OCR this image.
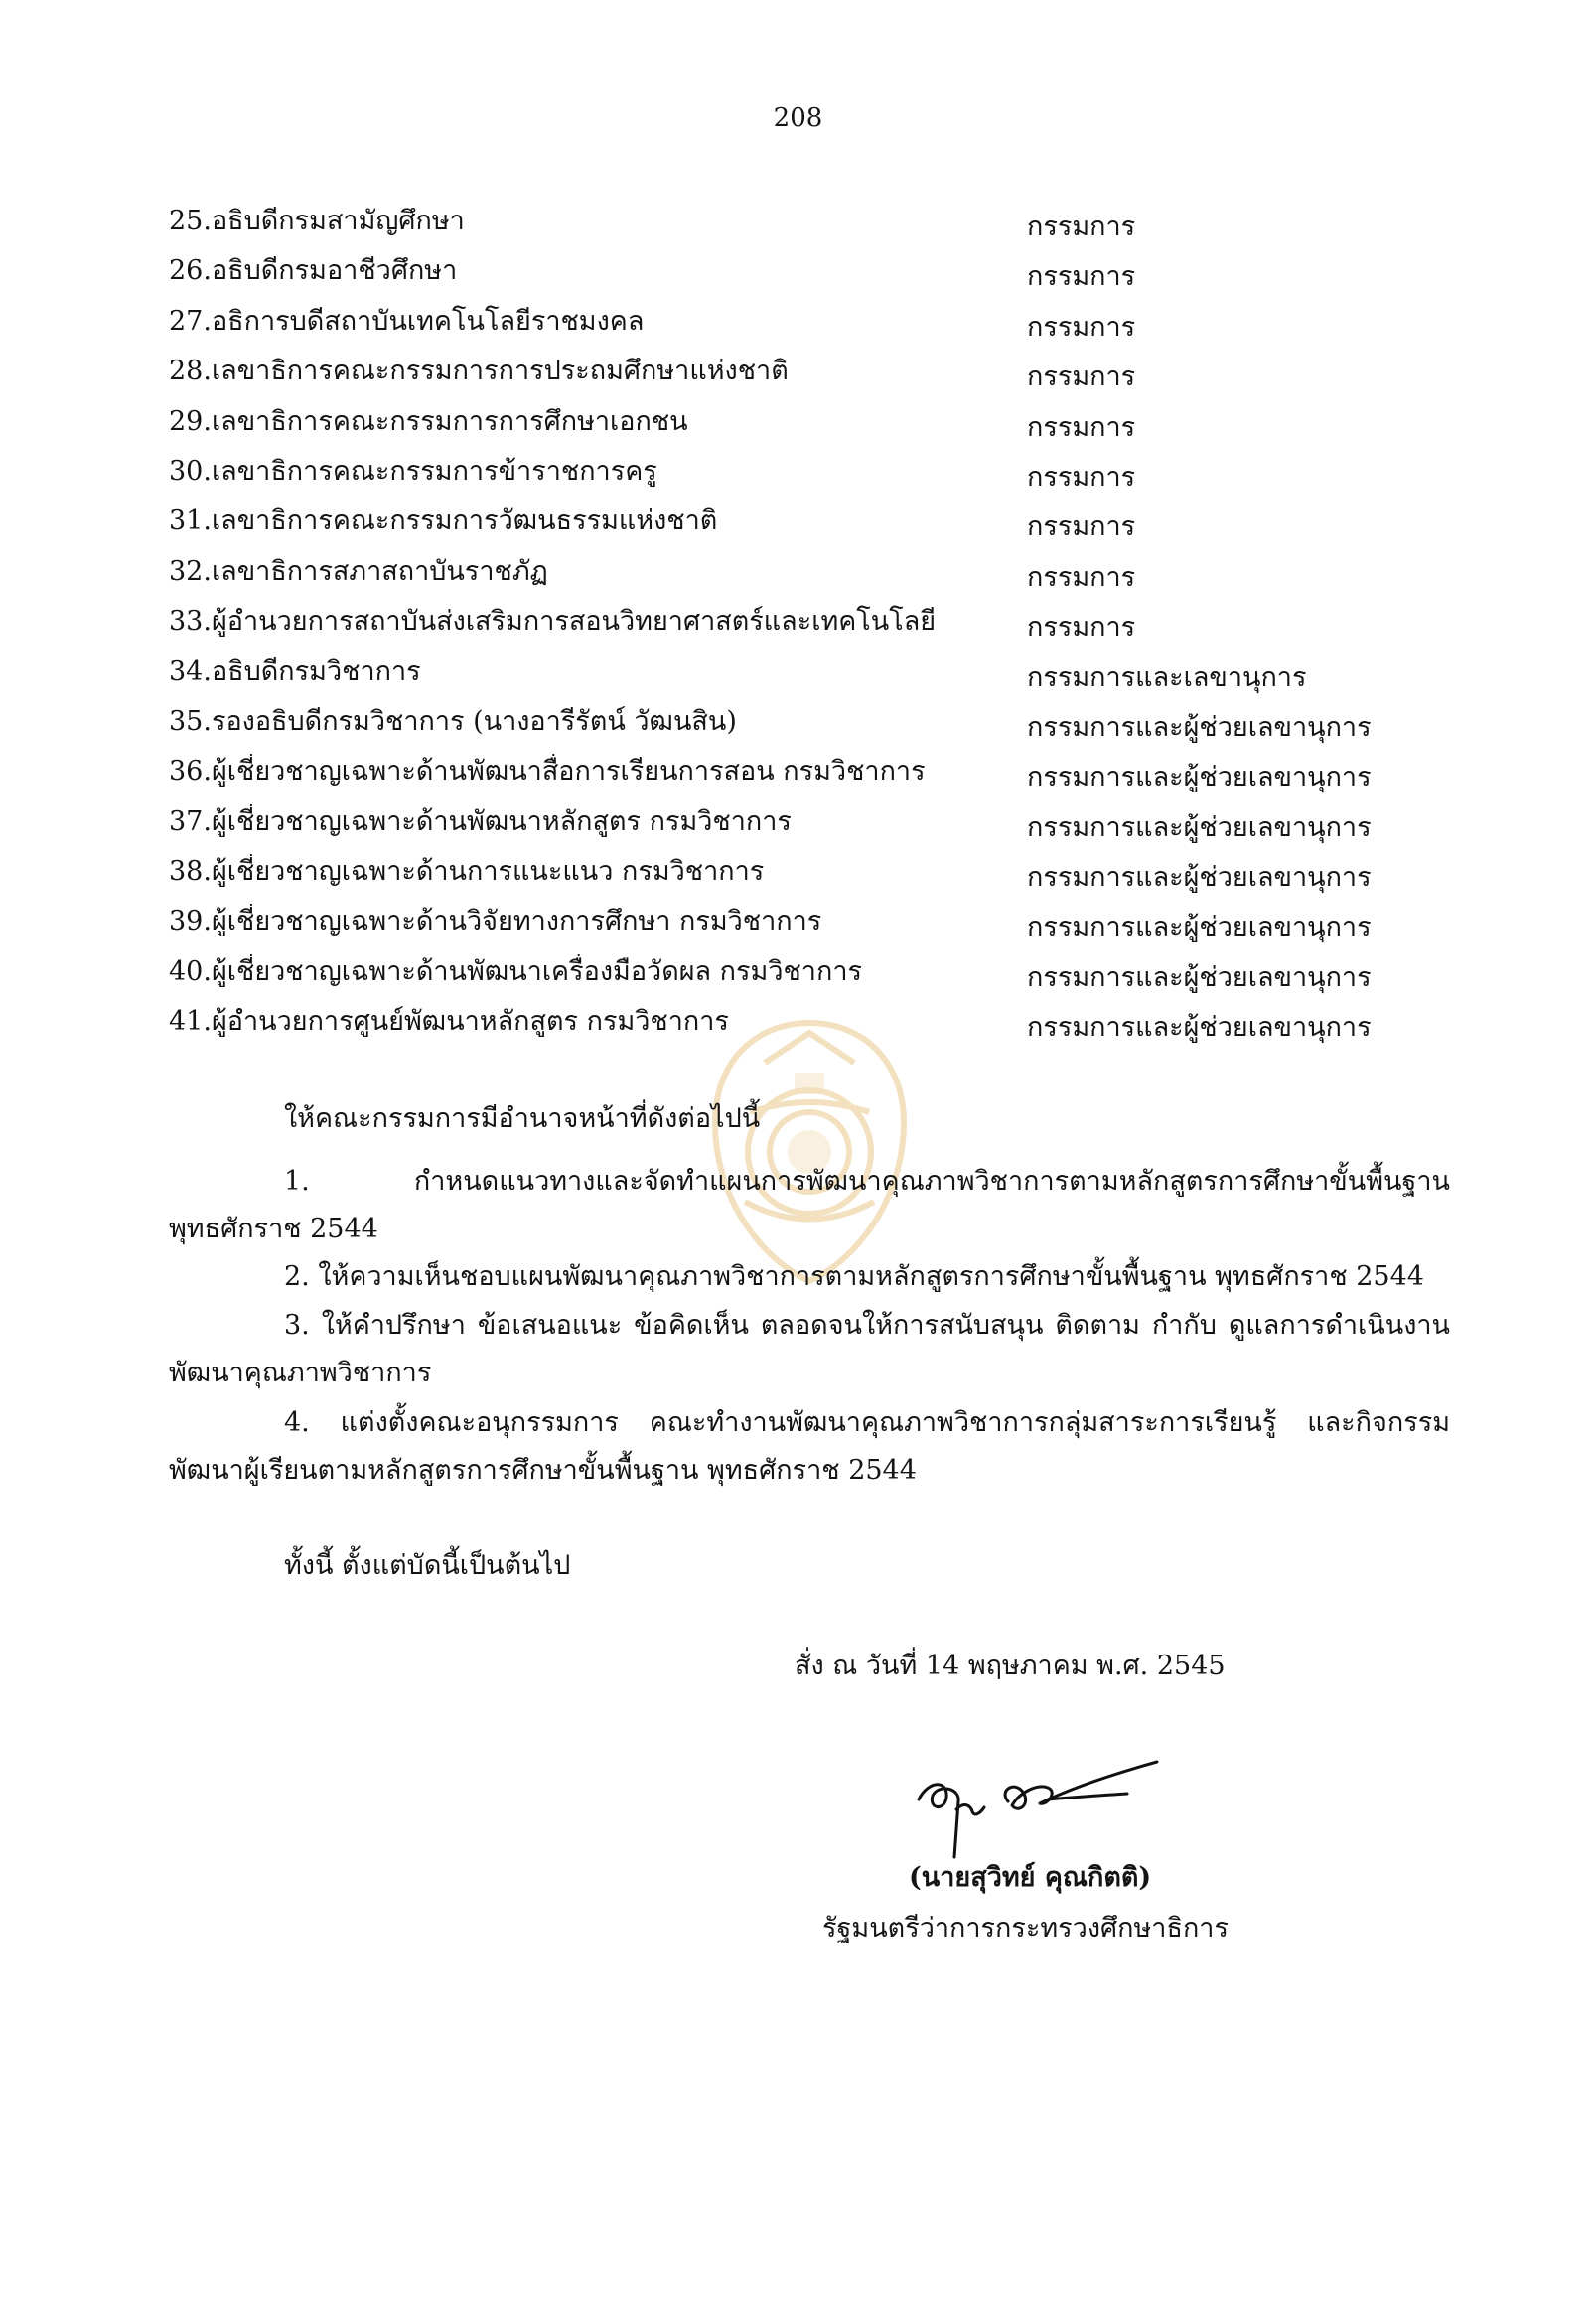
208
25.อธิบดีกรมสามัญศึกษา	กรรมการ
26.อธิบดีกรมอาชีวศึกษา	กรรมการ
27.อธิการบดีสถาบันเทคโนโลยีราชมงคล	กรรมการ
28.เลขาธิการคณะกรรมการการประถมศึกษาแห่งชาติ	กรรมการ
29.เลขาธิการคณะกรรมการการศึกษาเอกชน	กรรมการ
30.เลขาธิการคณะกรรมการข้าราชการครู	กรรมการ
31.เลขาธิการคณะกรรมการวัฒนธรรมแห่งชาติ	กรรมการ
32.เลขาธิการสภาสถาบันราชภัฏ	กรรมการ
33.ผู้อำนวยการสถาบันส่งเสริมการสอนวิทยาศาสตร์และเทคโนโลยี	กรรมการ
34.อธิบดีกรมวิชาการ	กรรมการและเลขานุการ
35.รองอธิบดีกรมวิชาการ (นางอารีรัตน์ วัฒนสิน)	กรรมการและผู้ช่วยเลขานุการ
36.ผู้เชี่ยวชาญเฉพาะด้านพัฒนาสื่อการเรียนการสอน กรมวิชาการ	กรรมการและผู้ช่วยเลขานุการ
37.ผู้เชี่ยวชาญเฉพาะด้านพัฒนาหลักสูตร กรมวิชาการ	กรรมการและผู้ช่วยเลขานุการ
38.ผู้เชี่ยวชาญเฉพาะด้านการแนะแนว กรมวิชาการ	กรรมการและผู้ช่วยเลขานุการ
39.ผู้เชี่ยวชาญเฉพาะด้านวิจัยทางการศึกษา กรมวิชาการ	กรรมการและผู้ช่วยเลขานุการ
40.ผู้เชี่ยวชาญเฉพาะด้านพัฒนาเครื่องมือวัดผล กรมวิชาการ	กรรมการและผู้ช่วยเลขานุการ
41.ผู้อำนวยการศูนย์พัฒนาหลักสูตร กรมวิชาการ	กรรมการและผู้ช่วยเลขานุการ
ให้คณะกรรมการมีอำนาจหน้าที่ดังต่อไปนี้
1. กำหนดแนวทางและจัดทำแผนการพัฒนาคุณภาพวิชาการตามหลักสูตรการศึกษาขั้นพื้นฐาน พุทธศักราช 2544
2. ให้ความเห็นชอบแผนพัฒนาคุณภาพวิชาการตามหลักสูตรการศึกษาขั้นพื้นฐาน พุทธศักราช 2544
3. ให้คำปรึกษา ข้อเสนอแนะ ข้อคิดเห็น ตลอดจนให้การสนับสนุน ติดตาม กำกับ ดูแลการดำเนินงานพัฒนาคุณภาพวิชาการ
4. แต่งตั้งคณะอนุกรรมการ คณะทำงานพัฒนาคุณภาพวิชาการกลุ่มสาระการเรียนรู้ และกิจกรรมพัฒนาผู้เรียนตามหลักสูตรการศึกษาขั้นพื้นฐาน พุทธศักราช 2544
ทั้งนี้ ตั้งแต่บัดนี้เป็นต้นไป
สั่ง ณ วันที่ 14 พฤษภาคม พ.ศ. 2545
(นายสุวิทย์ คุณกิตติ)
รัฐมนตรีว่าการกระทรวงศึกษาธิการ
